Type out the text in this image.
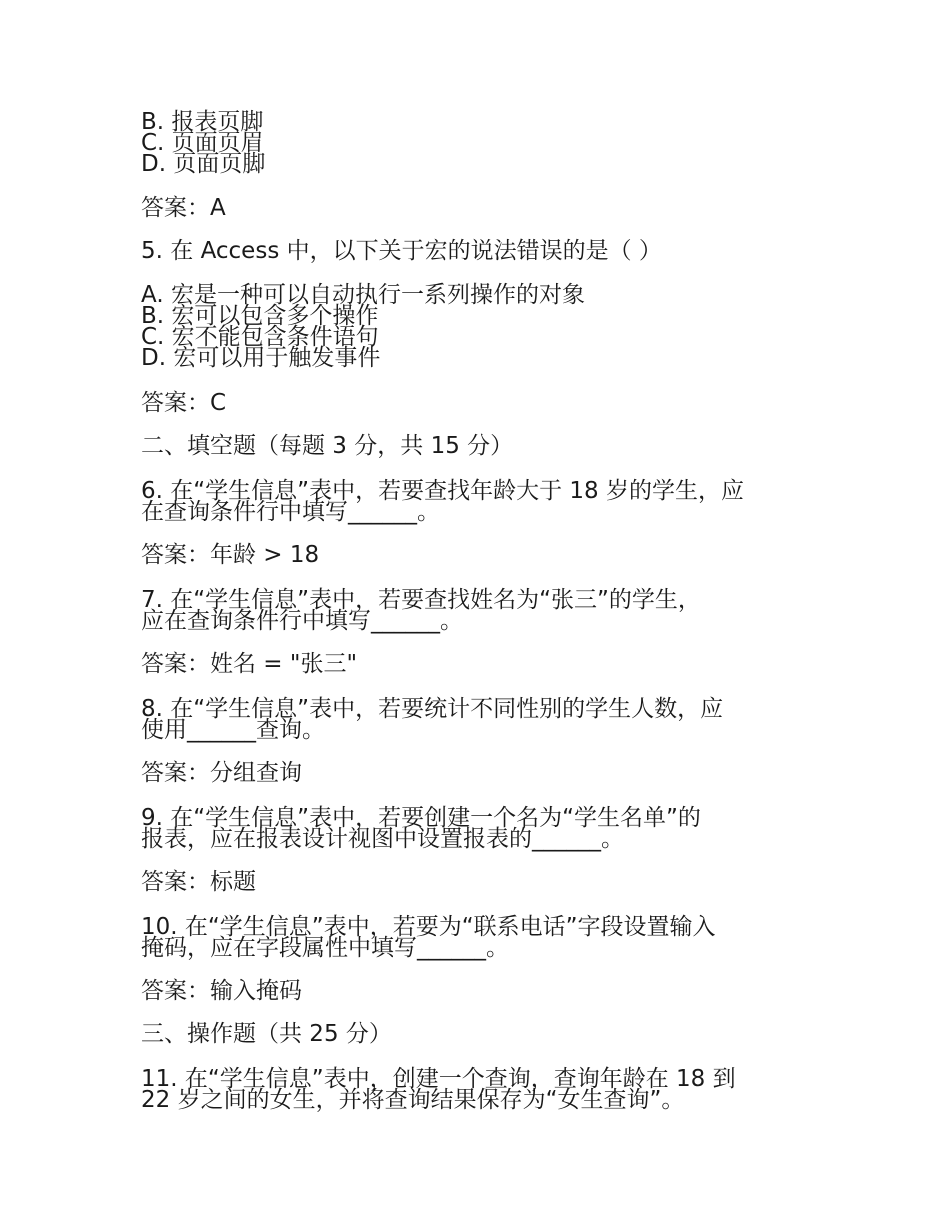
B. 报表页脚

C. 页面页眉

D. 页面页脚

答案：A

5. 在 Access 中，以下关于宏的说法错误的是（ ）

A. 宏是一种可以自动执行一系列操作的对象

B. 宏可以包含多个操作

C. 宏不能包含条件语句

D. 宏可以用于触发事件

答案：C

二、填空题（每题 3 分，共 15 分）

6. 在“学生信息”表中，若要查找年龄大于 18 岁的学生，应

在查询条件行中填写______。

答案：年龄 > 18

7. 在“学生信息”表中，若要查找姓名为“张三”的学生，

应在查询条件行中填写______。

答案：姓名 = "张三"

8. 在“学生信息”表中，若要统计不同性别的学生人数，应

使用______查询。

答案：分组查询

9. 在“学生信息”表中，若要创建一个名为“学生名单”的

报表，应在报表设计视图中设置报表的______。

答案：标题

10. 在“学生信息”表中，若要为“联系电话”字段设置输入

掩码，应在字段属性中填写______。

答案：输入掩码

三、操作题（共 25 分）

11. 在“学生信息”表中，创建一个查询，查询年龄在 18 到

22 岁之间的女生，并将查询结果保存为“女生查询”。
